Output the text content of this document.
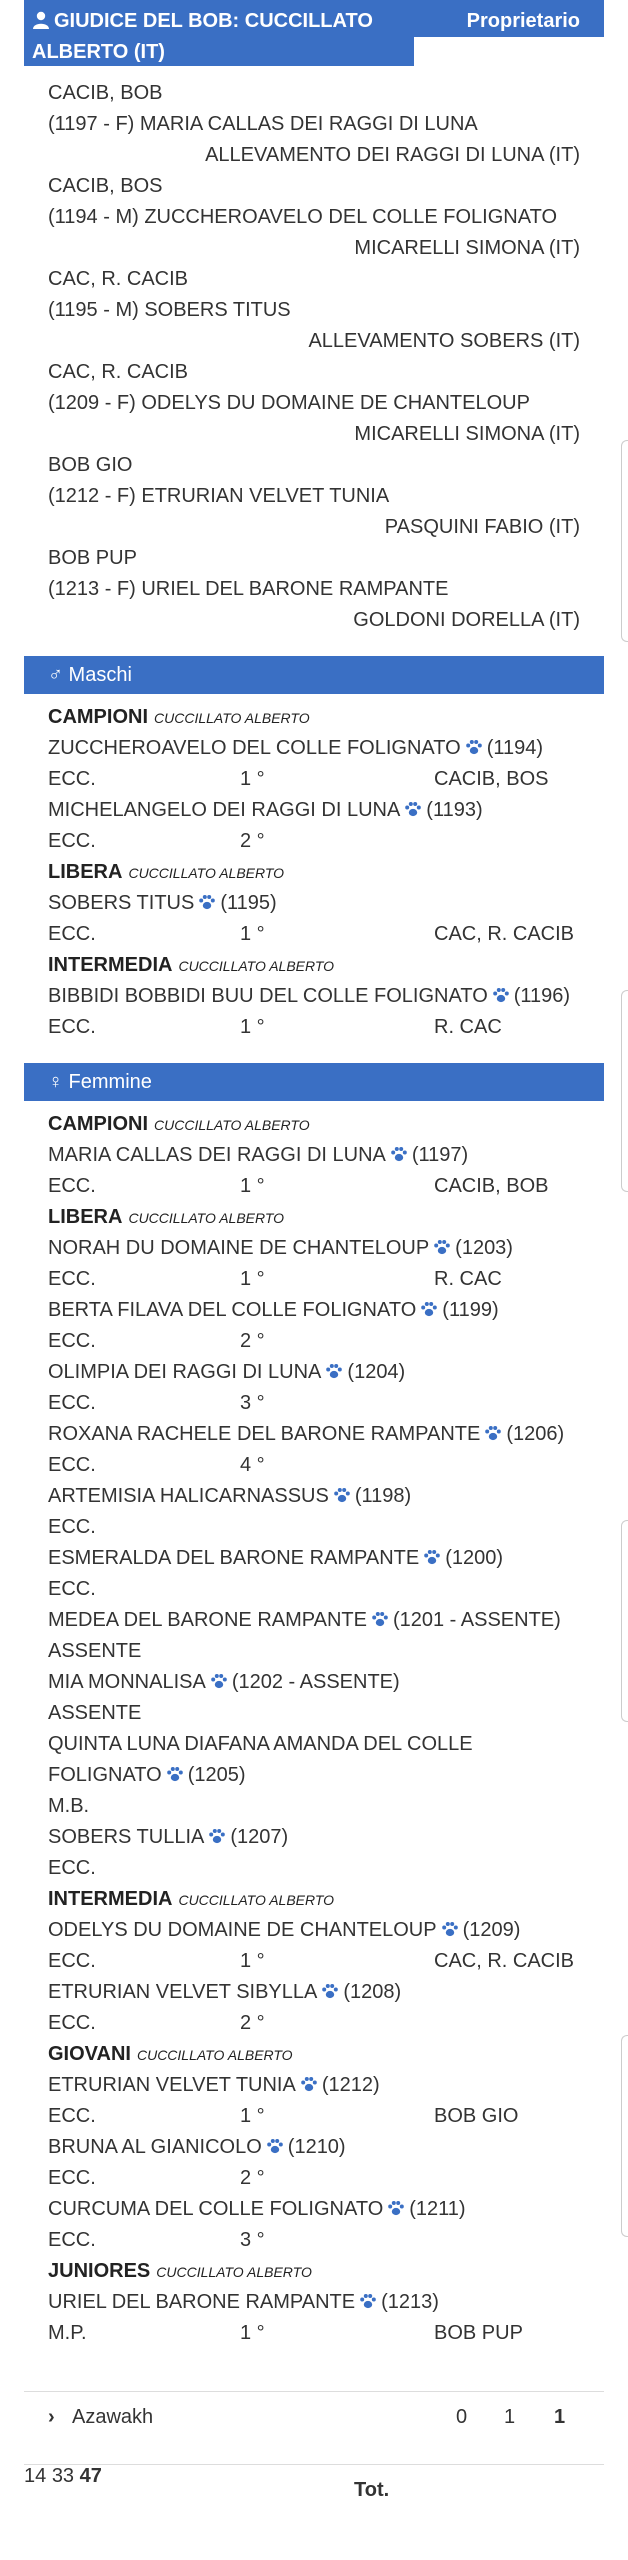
GIUDICE DEL BOB: CUCCILLATO ALBERTO (IT)
Proprietario
CACIB, BOB
(1197 - F) MARIA CALLAS DEI RAGGI DI LUNA
ALLEVAMENTO DEI RAGGI DI LUNA (IT)
CACIB, BOS
(1194 - M) ZUCCHEROAVELO DEL COLLE FOLIGNATO
MICARELLI SIMONA (IT)
CAC, R. CACIB
(1195 - M) SOBERS TITUS
ALLEVAMENTO SOBERS (IT)
CAC, R. CACIB
(1209 - F) ODELYS DU DOMAINE DE CHANTELOUP
MICARELLI SIMONA (IT)
BOB GIO
(1212 - F) ETRURIAN VELVET TUNIA
PASQUINI FABIO (IT)
BOB PUP
(1213 - F) URIEL DEL BARONE RAMPANTE
GOLDONI DORELLA (IT)
♂ Maschi
CAMPIONI CUCCILLATO ALBERTO
ZUCCHEROAVELO DEL COLLE FOLIGNATO (1194)
ECC.	1 °	CACIB, BOS
MICHELANGELO DEI RAGGI DI LUNA (1193)
ECC.	2 °
LIBERA CUCCILLATO ALBERTO
SOBERS TITUS (1195)
ECC.	1 °	CAC, R. CACIB
INTERMEDIA CUCCILLATO ALBERTO
BIBBIDI BOBBIDI BUU DEL COLLE FOLIGNATO (1196)
ECC.	1 °	R. CAC
♀ Femmine
CAMPIONI CUCCILLATO ALBERTO
MARIA CALLAS DEI RAGGI DI LUNA (1197)
ECC.	1 °	CACIB, BOB
LIBERA CUCCILLATO ALBERTO
NORAH DU DOMAINE DE CHANTELOUP (1203)
ECC.	1 °	R. CAC
BERTA FILAVA DEL COLLE FOLIGNATO (1199)
ECC.	2 °
OLIMPIA DEI RAGGI DI LUNA (1204)
ECC.	3 °
ROXANA RACHELE DEL BARONE RAMPANTE (1206)
ECC.	4 °
ARTEMISIA HALICARNASSUS (1198)
ECC.
ESMERALDA DEL BARONE RAMPANTE (1200)
ECC.
MEDEA DEL BARONE RAMPANTE (1201 - ASSENTE)
ASSENTE
MIA MONNALISA (1202 - ASSENTE)
ASSENTE
QUINTA LUNA DIAFANA AMANDA DEL COLLE
FOLIGNATO (1205)
M.B.
SOBERS TULLIA (1207)
ECC.
INTERMEDIA CUCCILLATO ALBERTO
ODELYS DU DOMAINE DE CHANTELOUP (1209)
ECC.	1 °	CAC, R. CACIB
ETRURIAN VELVET SIBYLLA (1208)
ECC.	2 °
GIOVANI CUCCILLATO ALBERTO
ETRURIAN VELVET TUNIA (1212)
ECC.	1 °	BOB GIO
BRUNA AL GIANICOLO (1210)
ECC.	2 °
CURCUMA DEL COLLE FOLIGNATO (1211)
ECC.	3 °
JUNIORES CUCCILLATO ALBERTO
URIEL DEL BARONE RAMPANTE (1213)
M.P.	1 °	BOB PUP
› Azawakh	0 1 1
Tot.
14 33 47
